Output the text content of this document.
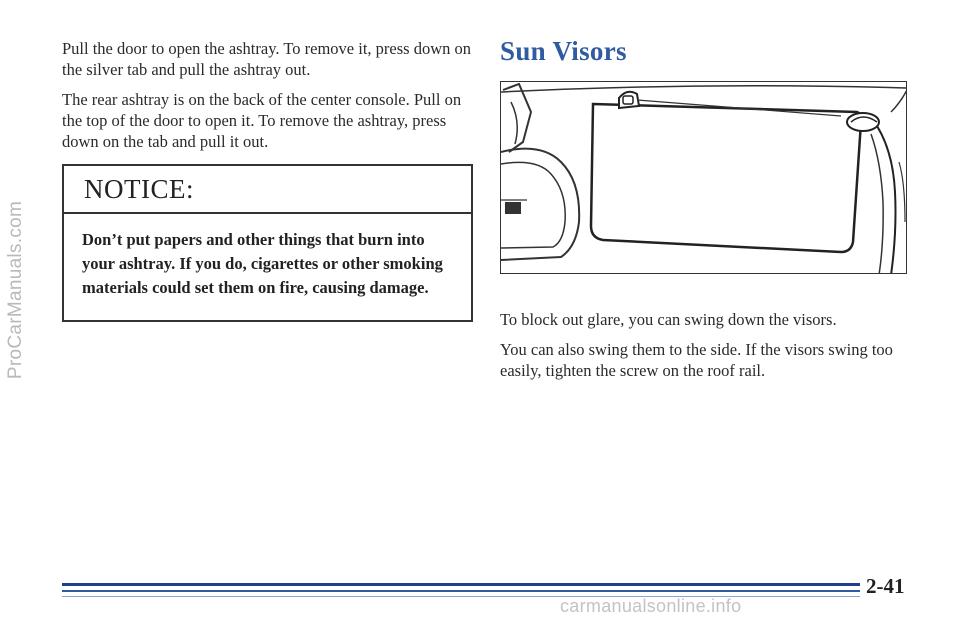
ProCarManuals.com

Pull the door to open the ashtray. To remove it, press down on the silver tab and pull the ashtray out.

The rear ashtray is on the back of the center console. Pull on the top of the door to open it. To remove the ashtray, press down on the tab and pull it out.

NOTICE:
Don’t put papers and other things that burn into your ashtray. If you do, cigarettes or other smoking materials could set them on fire, causing damage.
Sun Visors

To block out glare, you can swing down the visors.

You can also swing them to the side. If the visors swing too easily, tighten the screw on the roof rail.

2-41
carmanualsonline.info
